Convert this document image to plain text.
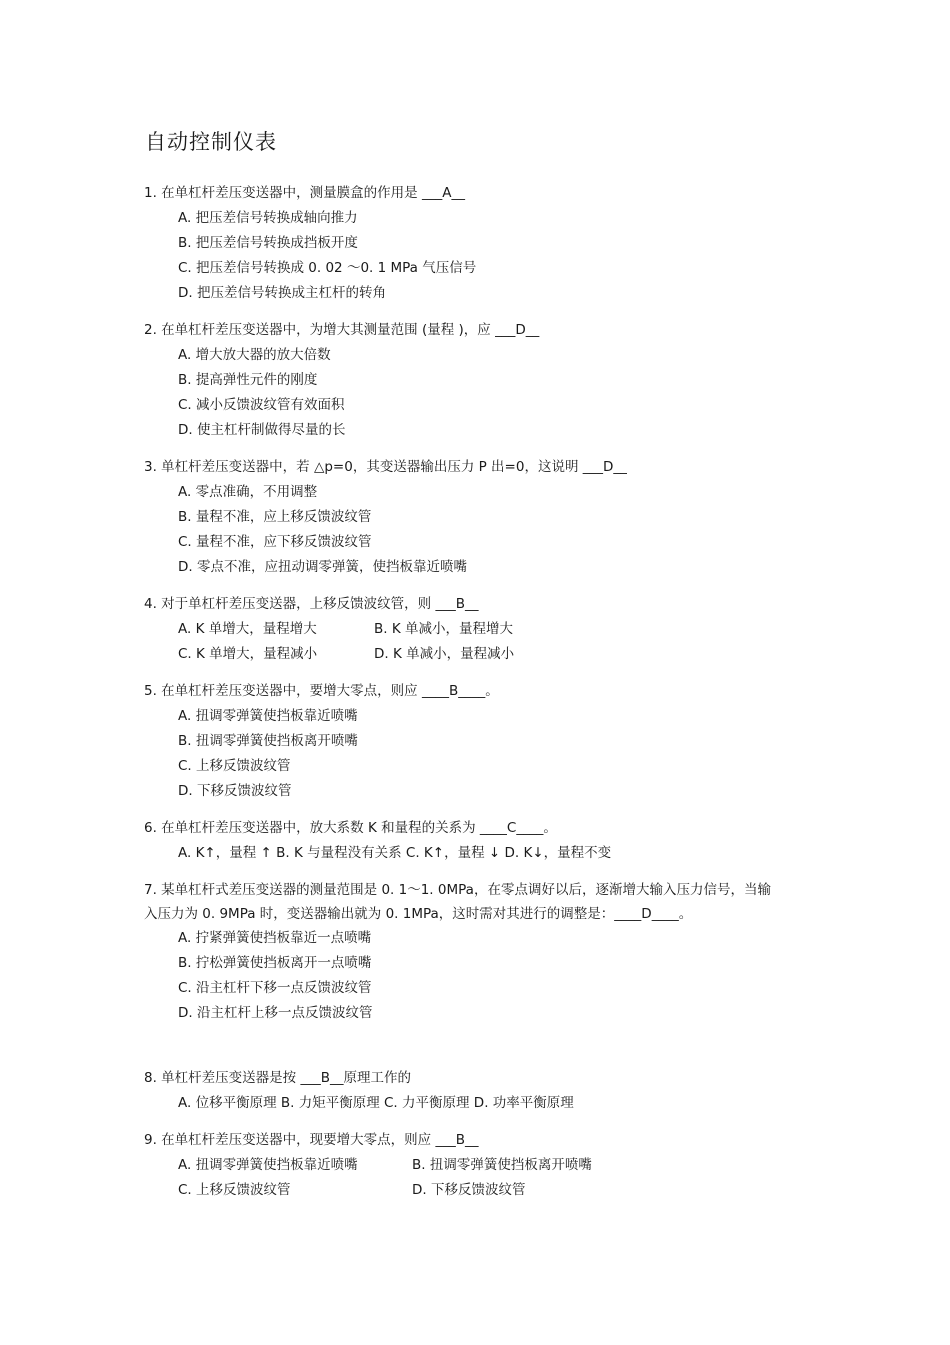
自动控制仪表
1. 在单杠杆差压变送器中，测量膜盒的作用是 ___A__
A. 把压差信号转换成轴向推力
B. 把压差信号转换成挡板开度
C. 把压差信号转换成 0. 02 ～0. 1 MPa 气压信号
D. 把压差信号转换成主杠杆的转角
2. 在单杠杆差压变送器中，为增大其测量范围 (量程 )，应 ___D__
A. 增大放大器的放大倍数
B. 提高弹性元件的刚度
C. 减小反馈波纹管有效面积
D. 使主杠杆制做得尽量的长
3. 单杠杆差压变送器中，若 △p=0，其变送器输出压力 P 出=0，这说明 ___D__
A. 零点准确，不用调整
B. 量程不准，应上移反馈波纹管
C. 量程不准，应下移反馈波纹管
D. 零点不准，应扭动调零弹簧，使挡板靠近喷嘴
4. 对于单杠杆差压变送器，上移反馈波纹管，则 ___B__
A. K 单增大，量程增大	B. K 单减小，量程增大
C. K 单增大，量程减小	D. K 单减小，量程减小
5. 在单杠杆差压变送器中，要增大零点，则应 ____B____。
A. 扭调零弹簧使挡板靠近喷嘴
B. 扭调零弹簧使挡板离开喷嘴
C. 上移反馈波纹管
D. 下移反馈波纹管
6. 在单杠杆差压变送器中，放大系数 K 和量程的关系为 ____C____。
A. K↑，量程 ↑ B. K 与量程没有关系 C. K↑，量程 ↓ D. K↓，量程不变
7. 某单杠杆式差压变送器的测量范围是 0. 1～1. 0MPa，在零点调好以后，逐渐增大输入压力信号，当输入压力为 0. 9MPa 时，变送器输出就为 0. 1MPa，这时需对其进行的调整是：____D____。
A. 拧紧弹簧使挡板靠近一点喷嘴
B. 拧松弹簧使挡板离开一点喷嘴
C. 沿主杠杆下移一点反馈波纹管
D. 沿主杠杆上移一点反馈波纹管
8. 单杠杆差压变送器是按 ___B__原理工作的
A. 位移平衡原理 B. 力矩平衡原理 C. 力平衡原理 D. 功率平衡原理
9. 在单杠杆差压变送器中，现要增大零点，则应 ___B__
A. 扭调零弹簧使挡板靠近喷嘴	B. 扭调零弹簧使挡板离开喷嘴
C. 上移反馈波纹管	D. 下移反馈波纹管
